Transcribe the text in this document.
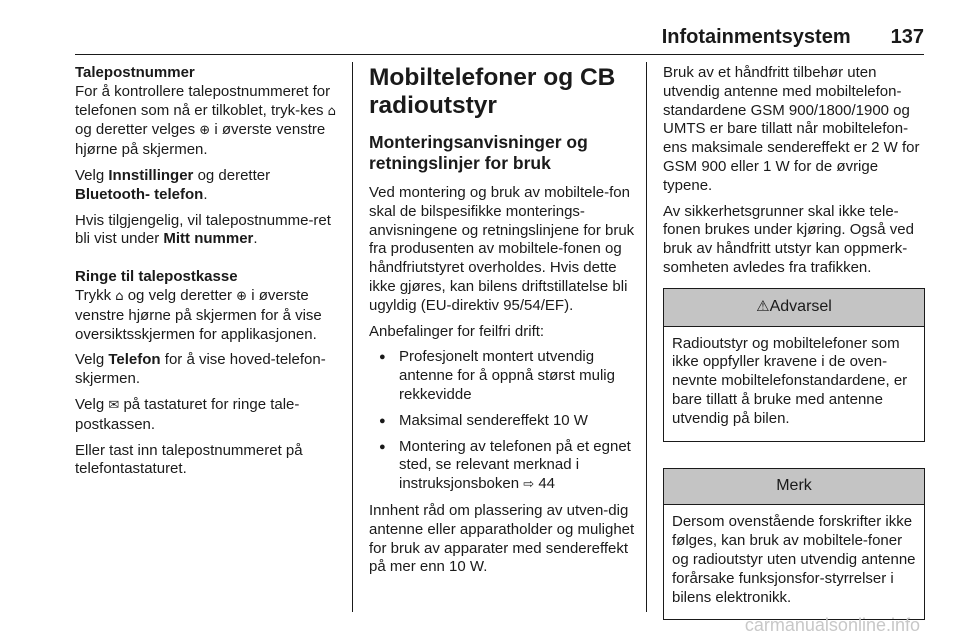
Infotainmentsystem 137

Talepostnummer

For å kontrollere talepostnummeret for telefonen som nå er tilkoblet, tryk-kes ⌂ og deretter velges ⊕ i øverste venstre hjørne på skjermen.

Velg Innstillinger og deretter Bluetooth- telefon.

Hvis tilgjengelig, vil talepostnumme-ret bli vist under Mitt nummer.

Ringe til talepostkasse

Trykk ⌂ og velg deretter ⊕ i øverste venstre hjørne på skjermen for å vise oversiktsskjermen for applikasjonen.

Velg Telefon for å vise hoved-telefon-skjermen.

Velg ✉ på tastaturet for ringe tale-postkassen.

Eller tast inn talepostnummeret på telefontastaturet.

Mobiltelefoner og CB radioutstyr
Monteringsanvisninger og retningslinjer for bruk

Ved montering og bruk av mobiltele-fon skal de bilspesifikke monterings-anvisningene og retningslinjene for bruk fra produsenten av mobiltele-fonen og håndfriutstyret overholdes. Hvis dette ikke gjøres, kan bilens driftstillatelse bli ugyldig (EU-direktiv 95/54/EF).

Anbefalinger for feilfri drift:

● Profesjonelt montert utvendig antenne for å oppnå størst mulig rekkevidde
● Maksimal sendereffekt 10 W
● Montering av telefonen på et egnet sted, se relevant merknad i instruksjonsboken ⇨ 44

Innhent råd om plassering av utven-dig antenne eller apparatholder og mulighet for bruk av apparater med sendereffekt på mer enn 10 W.

Bruk av et håndfritt tilbehør uten utvendig antenne med mobiltelefon-standardene GSM 900/1800/1900 og UMTS er bare tillatt når mobiltelefon-ens maksimale sendereffekt er 2 W for GSM 900 eller 1 W for de øvrige typene.

Av sikkerhetsgrunner skal ikke tele-fonen brukes under kjøring. Også ved bruk av håndfritt utstyr kan oppmerk-somheten avledes fra trafikken.

⚠Advarsel
Radioutstyr og mobiltelefoner som ikke oppfyller kravene i de oven-nevnte mobiltelefonstandardene, er bare tillatt å bruke med antenne utvendig på bilen.
Merk
Dersom ovenstående forskrifter ikke følges, kan bruk av mobiltele-foner og radioutstyr uten utvendig antenne forårsake funksjonsfor-styrrelser i bilens elektronikk.
carmanualsonline.info
